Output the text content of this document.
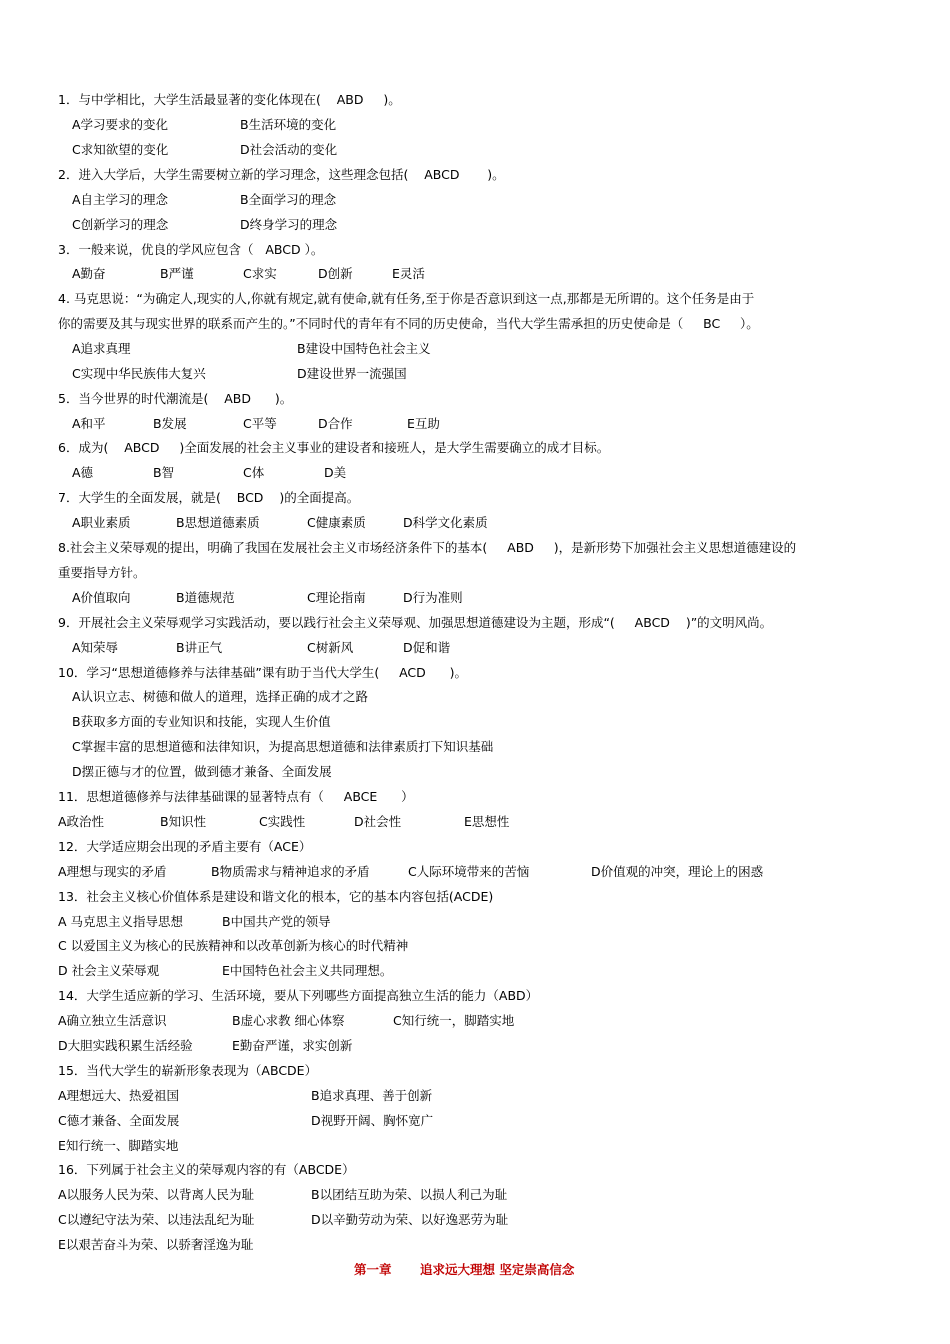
1．与中学相比，大学生活最显著的变化体现在(    ABD     )。
A学习要求的变化	B生活环境的变化
C求知欲望的变化	D社会活动的变化
2．进入大学后，大学生需要树立新的学习理念，这些理念包括(    ABCD       )。
A自主学习的理念	B全面学习的理念
C创新学习的理念	D终身学习的理念
3．一般来说，优良的学风应包含（   ABCD ）。
A勤奋	B严谨	C求实	D创新	E灵活
4. 马克思说：“为确定人,现实的人,你就有规定,就有使命,就有任务,至于你是否意识到这一点,那都是无所谓的。这个任务是由于
你的需要及其与现实世界的联系而产生的。”不同时代的青年有不同的历史使命，当代大学生需承担的历史使命是（     BC     ）。
A追求真理	B建设中国特色社会主义
C实现中华民族伟大复兴	D建设世界一流强国
5．当今世界的时代潮流是(    ABD      )。
A和平	B发展	C平等	D合作	E互助
6．成为(    ABCD     )全面发展的社会主义事业的建设者和接班人，是大学生需要确立的成才目标。
A德	B智	C体	D美
7．大学生的全面发展，就是(    BCD    )的全面提高。
A职业素质	B思想道德素质	C健康素质	D科学文化素质
8.社会主义荣辱观的提出，明确了我国在发展社会主义市场经济条件下的基本(     ABD     )，是新形势下加强社会主义思想道德建设的
重要指导方针。
A价值取向	B道德规范	C理论指南	D行为准则
9．开展社会主义荣辱观学习实践活动，要以践行社会主义荣辱观、加强思想道德建设为主题，形成“(     ABCD    )”的文明风尚。
A知荣辱	B讲正气	C树新风	D促和谐
10．学习“思想道德修养与法律基础”课有助于当代大学生(     ACD      )。
A认识立志、树德和做人的道理，选择正确的成才之路
B获取多方面的专业知识和技能，实现人生价值
C掌握丰富的思想道德和法律知识，为提高思想道德和法律素质打下知识基础
D摆正德与才的位置，做到德才兼备、全面发展
11．思想道德修养与法律基础课的显著特点有（     ABCE      ）
A政治性	B知识性	C实践性	D社会性	E思想性
12．大学适应期会出现的矛盾主要有（ACE）
A理想与现实的矛盾	B物质需求与精神追求的矛盾	C人际环境带来的苦恼	D价值观的冲突，理论上的困惑
13．社会主义核心价值体系是建设和谐文化的根本，它的基本内容包括(ACDE)
A 马克思主义指导思想	B中国共产党的领导
C 以爱国主义为核心的民族精神和以改革创新为核心的时代精神
D 社会主义荣辱观	E中国特色社会主义共同理想。
14．大学生适应新的学习、生活环境，要从下列哪些方面提高独立生活的能力（ABD）
A确立独立生活意识	B虚心求教 细心体察	C知行统一，脚踏实地
D大胆实践积累生活经验	E勤奋严谨，求实创新
15．当代大学生的崭新形象表现为（ABCDE）
A理想远大、热爱祖国	B追求真理、善于创新
C德才兼备、全面发展	D视野开阔、胸怀宽广
E知行统一、脚踏实地
16．下列属于社会主义的荣辱观内容的有（ABCDE）
A以服务人民为荣、以背离人民为耻	B以团结互助为荣、以损人利己为耻
C以遵纪守法为荣、以违法乱纪为耻	D以辛勤劳动为荣、以好逸恶劳为耻
E以艰苦奋斗为荣、以骄奢淫逸为耻

第一章

追求远大理想 坚定崇高信念
